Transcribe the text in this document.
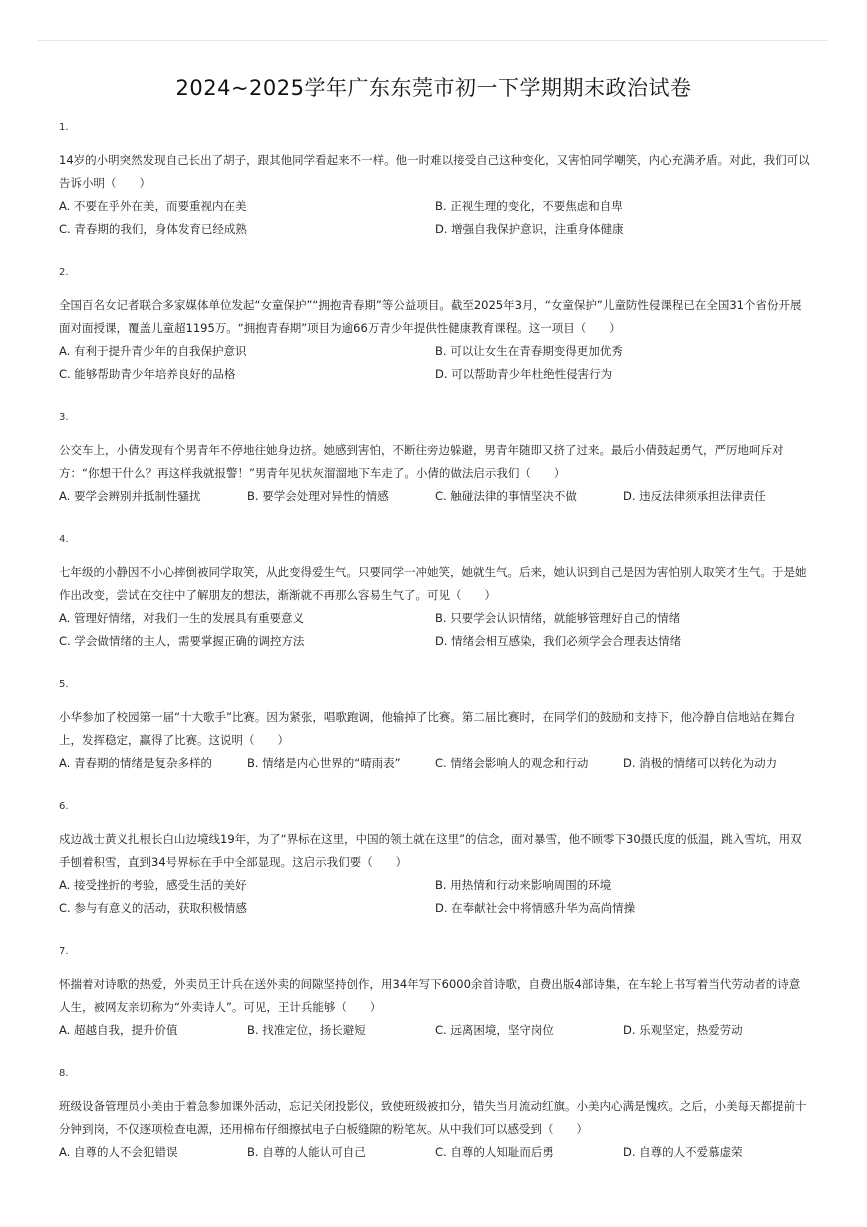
2024~2025学年广东东莞市初一下学期期末政治试卷
1.
14岁的小明突然发现自己长出了胡子，跟其他同学看起来不一样。他一时难以接受自己这种变化，又害怕同学嘲笑，内心充满矛盾。对此，我们可以告诉小明（　　）
A. 不要在乎外在美，而要重视内在美	B. 正视生理的变化，不要焦虑和自卑
C. 青春期的我们，身体发育已经成熟	D. 增强自我保护意识，注重身体健康
2.
全国百名女记者联合多家媒体单位发起“女童保护”“拥抱青春期”等公益项目。截至2025年3月，“女童保护”儿童防性侵课程已在全国31个省份开展面对面授课，覆盖儿童超1195万。“拥抱青春期”项目为逾66万青少年提供性健康教育课程。这一项目（　　）
A. 有利于提升青少年的自我保护意识	B. 可以让女生在青春期变得更加优秀
C. 能够帮助青少年培养良好的品格	D. 可以帮助青少年杜绝性侵害行为
3.
公交车上，小倩发现有个男青年不停地往她身边挤。她感到害怕，不断往旁边躲避，男青年随即又挤了过来。最后小倩鼓起勇气，严厉地呵斥对方：“你想干什么？再这样我就报警！”男青年见状灰溜溜地下车走了。小倩的做法启示我们（　　）
A. 要学会辨别并抵制性骚扰	B. 要学会处理对异性的情感	C. 触碰法律的事情坚决不做	D. 违反法律须承担法律责任
4.
七年级的小静因不小心摔倒被同学取笑，从此变得爱生气。只要同学一冲她笑，她就生气。后来，她认识到自己是因为害怕别人取笑才生气。于是她作出改变，尝试在交往中了解朋友的想法，渐渐就不再那么容易生气了。可见（　　）
A. 管理好情绪，对我们一生的发展具有重要意义	B. 只要学会认识情绪，就能够管理好自己的情绪
C. 学会做情绪的主人，需要掌握正确的调控方法	D. 情绪会相互感染，我们必须学会合理表达情绪
5.
小华参加了校园第一届“十大歌手”比赛。因为紧张，唱歌跑调，他输掉了比赛。第二届比赛时，在同学们的鼓励和支持下，他冷静自信地站在舞台上，发挥稳定，赢得了比赛。这说明（　　）
A. 青春期的情绪是复杂多样的	B. 情绪是内心世界的“晴雨表”	C. 情绪会影响人的观念和行动	D. 消极的情绪可以转化为动力
6.
戍边战士黄义扎根长白山边境线19年，为了“界标在这里，中国的领土就在这里”的信念，面对暴雪，他不顾零下30摄氏度的低温，跳入雪坑，用双手刨着积雪，直到34号界标在手中全部显现。这启示我们要（　　）
A. 接受挫折的考验，感受生活的美好	B. 用热情和行动来影响周围的环境
C. 参与有意义的活动，获取积极情感	D. 在奉献社会中将情感升华为高尚情操
7.
怀揣着对诗歌的热爱，外卖员王计兵在送外卖的间隙坚持创作，用34年写下6000余首诗歌，自费出版4部诗集，在车轮上书写着当代劳动者的诗意人生，被网友亲切称为“外卖诗人”。可见，王计兵能够（　　）
A. 超越自我，提升价值	B. 找准定位，扬长避短	C. 远离困境，坚守岗位	D. 乐观坚定，热爱劳动
8.
班级设备管理员小美由于着急参加课外活动，忘记关闭投影仪，致使班级被扣分，错失当月流动红旗。小美内心满是愧疚。之后，小美每天都提前十分钟到岗，不仅逐项检查电源，还用棉布仔细擦拭电子白板缝隙的粉笔灰。从中我们可以感受到（　　）
A. 自尊的人不会犯错误	B. 自尊的人能认可自己	C. 自尊的人知耻而后勇	D. 自尊的人不爱慕虚荣
